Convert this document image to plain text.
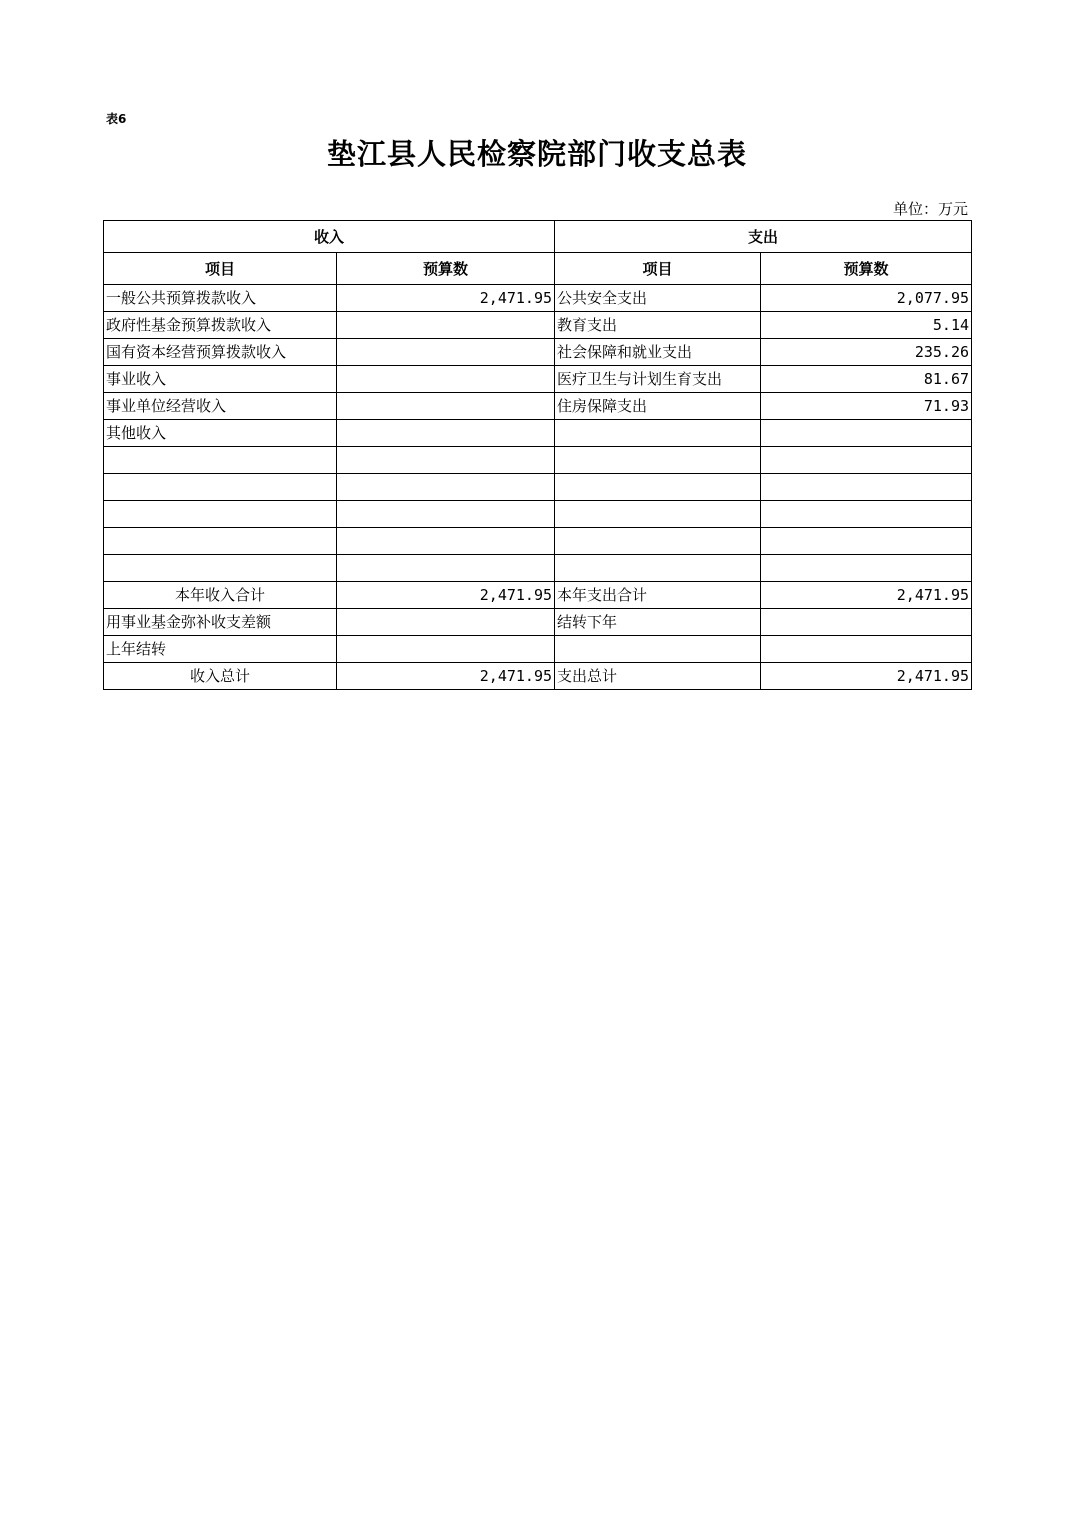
表6
垫江县人民检察院部门收支总表
单位：万元
收入		支出	
项目	预算数	项目	预算数
一般公共预算拨款收入	2,471.95	公共安全支出	2,077.95
政府性基金预算拨款收入		教育支出	5.14
国有资本经营预算拨款收入		社会保障和就业支出	235.26
事业收入		医疗卫生与计划生育支出	81.67
事业单位经营收入		住房保障支出	71.93
其他收入			

本年收入合计	2,471.95	本年支出合计	2,471.95
用事业基金弥补收支差额		结转下年	
上年结转			
收入总计	2,471.95	支出总计	2,471.95
